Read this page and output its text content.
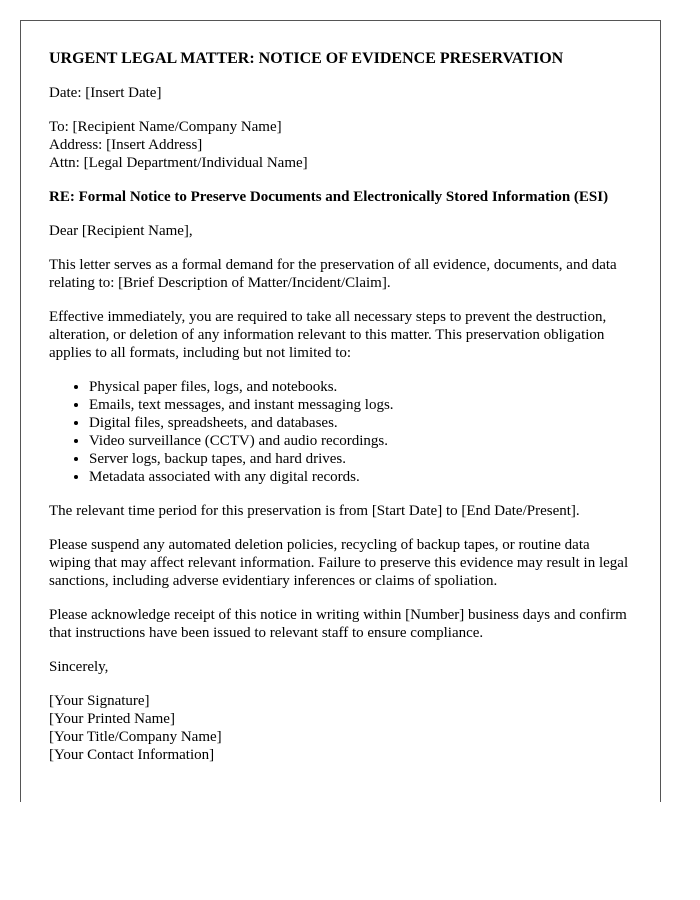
URGENT LEGAL MATTER: NOTICE OF EVIDENCE PRESERVATION

Date: [Insert Date]

To: [Recipient Name/Company Name]
Address: [Insert Address]
Attn: [Legal Department/Individual Name]

RE: Formal Notice to Preserve Documents and Electronically Stored Information (ESI)

Dear [Recipient Name],

This letter serves as a formal demand for the preservation of all evidence, documents, and data relating to: [Brief Description of Matter/Incident/Claim].

Effective immediately, you are required to take all necessary steps to prevent the destruction, alteration, or deletion of any information relevant to this matter. This preservation obligation applies to all formats, including but not limited to:

• Physical paper files, logs, and notebooks.
• Emails, text messages, and instant messaging logs.
• Digital files, spreadsheets, and databases.
• Video surveillance (CCTV) and audio recordings.
• Server logs, backup tapes, and hard drives.
• Metadata associated with any digital records.

The relevant time period for this preservation is from [Start Date] to [End Date/Present].

Please suspend any automated deletion policies, recycling of backup tapes, or routine data wiping that may affect relevant information. Failure to preserve this evidence may result in legal sanctions, including adverse evidentiary inferences or claims of spoliation.

Please acknowledge receipt of this notice in writing within [Number] business days and confirm that instructions have been issued to relevant staff to ensure compliance.

Sincerely,

[Your Signature]
[Your Printed Name]
[Your Title/Company Name]
[Your Contact Information]
